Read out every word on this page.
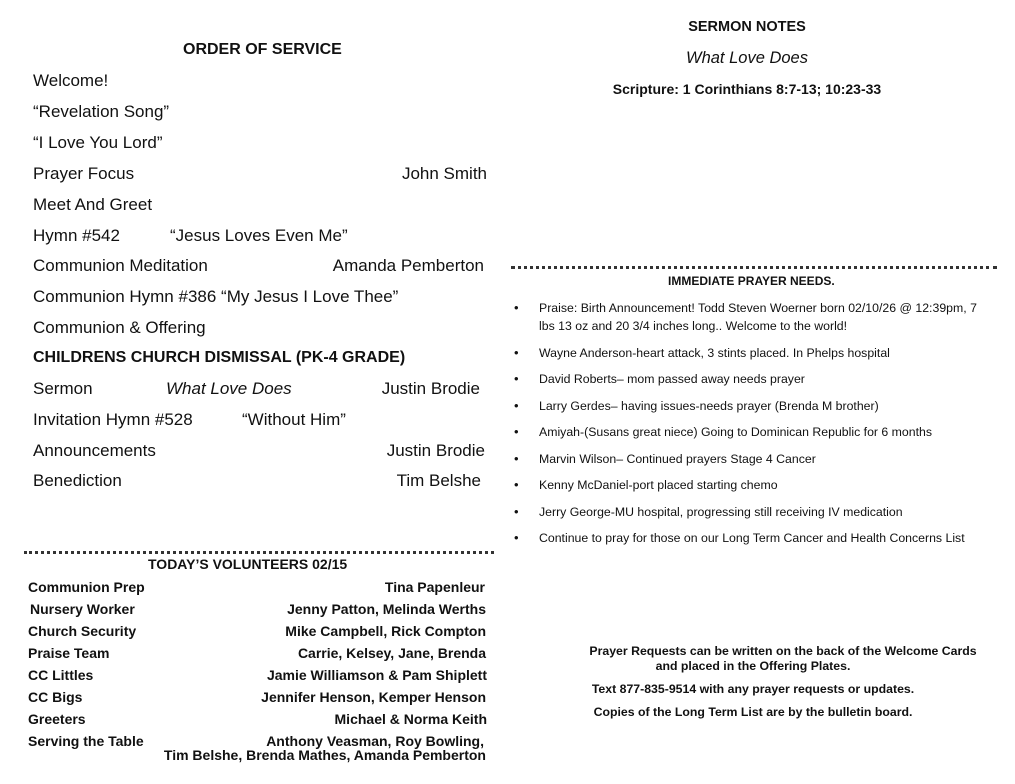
ORDER OF SERVICE
Welcome!
“Revelation Song”
“I Love You Lord”
Prayer Focus	John Smith
Meet And Greet
Hymn #542	“Jesus Loves Even Me”
Communion Meditation	Amanda Pemberton
Communion Hymn #386 “My Jesus I Love Thee”
Communion & Offering
CHILDRENS CHURCH DISMISSAL (PK-4 GRADE)
Sermon	What Love Does	Justin Brodie
Invitation Hymn #528	“Without Him”
Announcements	Justin Brodie
Benediction	Tim Belshe
TODAY’S VOLUNTEERS 02/15
Communion Prep	Tina Papenleur
Nursery Worker	Jenny Patton, Melinda Werths
Church Security	Mike Campbell, Rick Compton
Praise Team	Carrie, Kelsey, Jane, Brenda
CC Littles	Jamie Williamson & Pam Shiplett
CC Bigs	Jennifer Henson, Kemper Henson
Greeters	Michael & Norma Keith
Serving the Table	Anthony Veasman, Roy Bowling,
Tim Belshe, Brenda Mathes, Amanda Pemberton
SERMON NOTES
What Love Does
Scripture: 1 Corinthians 8:7-13; 10:23-33
IMMEDIATE PRAYER NEEDS.
• Praise: Birth Announcement! Todd Steven Woerner born 02/10/26 @ 12:39pm, 7 lbs 13 oz and 20 3/4 inches long.. Welcome to the world!
• Wayne Anderson-heart attack, 3 stints placed. In Phelps hospital
• David Roberts– mom passed away needs prayer
• Larry Gerdes– having issues-needs prayer (Brenda M brother)
• Amiyah-(Susans great niece) Going to Dominican Republic for 6 months
• Marvin Wilson– Continued prayers Stage 4 Cancer
• Kenny McDaniel-port placed starting chemo
• Jerry George-MU hospital, progressing still receiving IV medication
• Continue to pray for those on our Long Term Cancer and Health Concerns List
Prayer Requests can be written on the back of the Welcome Cards
and placed in the Offering Plates.
Text 877-835-9514 with any prayer requests or updates.
Copies of the Long Term List are by the bulletin board.
